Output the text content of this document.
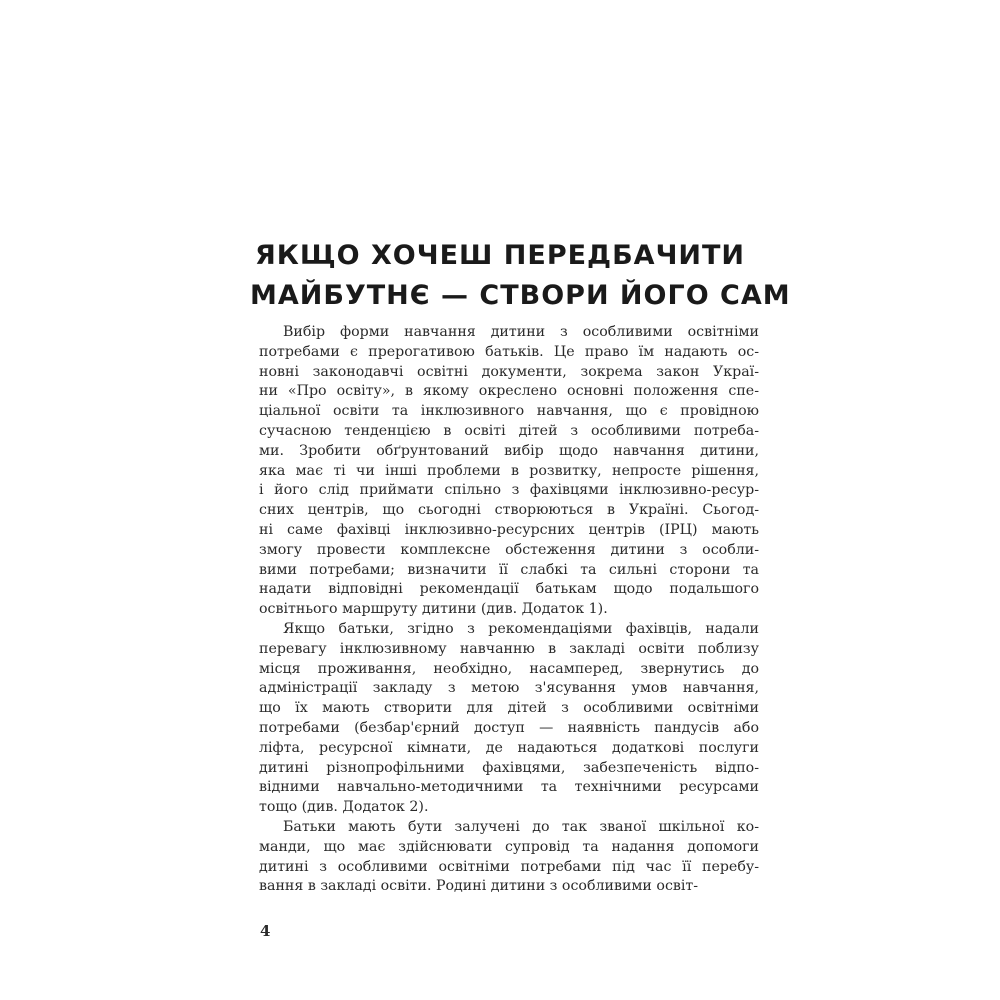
ЯКЩО ХОЧЕШ ПЕРЕДБАЧИТИ
МАЙБУТНЄ — СТВОРИ ЙОГО САМ
Вибір форми навчання дитини з особливими освітніми
потребами є прерогативою батьків. Це право їм надають ос-
новні законодавчі освітні документи, зокрема закон Украї-
ни «Про освіту», в якому окреслено основні положення спе-
ціальної освіти та інклюзивного навчання, що є провідною
сучасною тенденцією в освіті дітей з особливими потреба-
ми. Зробити обґрунтований вибір щодо навчання дитини,
яка має ті чи інші проблеми в розвитку, непросте рішення,
і його слід приймати спільно з фахівцями інклюзивно-ресур-
сних центрів, що сьогодні створюються в Україні. Сьогод-
ні саме фахівці інклюзивно-ресурсних центрів (ІРЦ) мають
змогу провести комплексне обстеження дитини з особли-
вими потребами; визначити її слабкі та сильні сторони та
надати відповідні рекомендації батькам щодо подальшого
освітнього маршруту дитини (див. Додаток 1).
Якщо батьки, згідно з рекомендаціями фахівців, надали
перевагу інклюзивному навчанню в закладі освіти поблизу
місця проживання, необхідно, насамперед, звернутись до
адміністрації закладу з метою з'ясування умов навчання,
що їх мають створити для дітей з особливими освітніми
потребами (безбар'єрний доступ — наявність пандусів або
ліфта, ресурсної кімнати, де надаються додаткові послуги
дитині різнопрофільними фахівцями, забезпеченість відпо-
відними навчально-методичними та технічними ресурсами
тощо (див. Додаток 2).
Батьки мають бути залучені до так званої шкільної ко-
манди, що має здійснювати супровід та надання допомоги
дитині з особливими освітніми потребами під час її перебу-
вання в закладі освіти. Родині дитини з особливими освіт-
4
